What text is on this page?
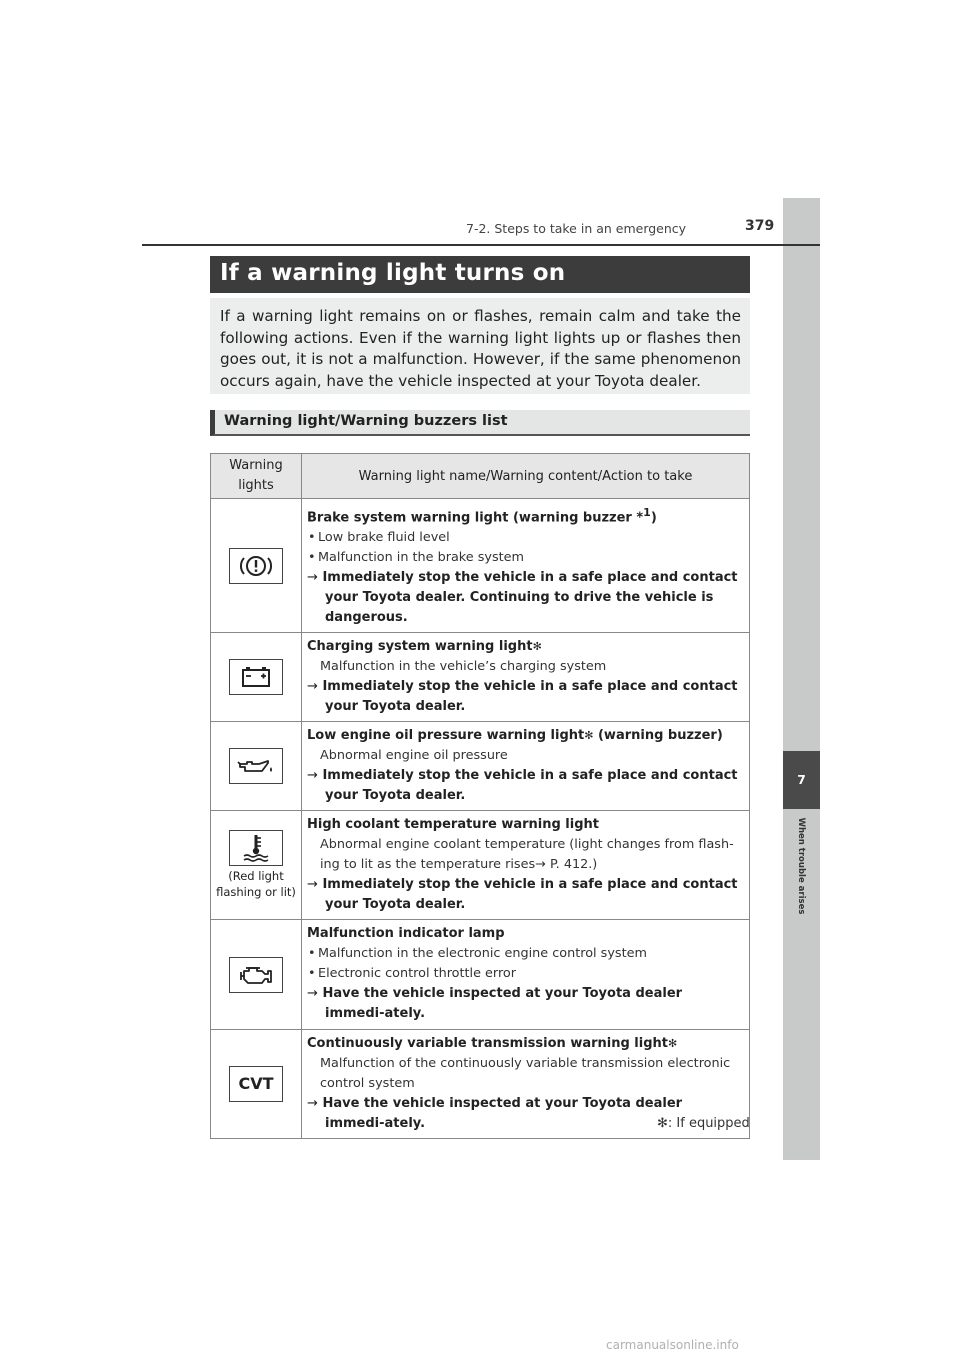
7
When trouble arises
7-2. Steps to take in an emergency	379
If a warning light turns on

If a warning light remains on or flashes, remain calm and take the following actions. Even if the warning light lights up or flashes then goes out, it is not a malfunction. However, if the same phenomenon occurs again, have the vehicle inspected at your Toyota dealer.

Warning light/Warning buzzers list
Warning lights	Warning light name/Warning content/Action to take

Brake system warning light (warning buzzer *$^1$)
• Low brake fluid level
• Malfunction in the brake system
→ Immediately stop the vehicle in a safe place and contact your Toyota dealer. Continuing to drive the vehicle is dangerous.

Charging system warning light✻
Malfunction in the vehicle’s charging system
→ Immediately stop the vehicle in a safe place and contact your Toyota dealer.

Low engine oil pressure warning light✻ (warning buzzer)
Abnormal engine oil pressure
→ Immediately stop the vehicle in a safe place and contact your Toyota dealer.

(Red light flashing or lit)	High coolant temperature warning light
Abnormal engine coolant temperature (light changes from flash-ing to lit as the temperature rises→ P. 412.)
→ Immediately stop the vehicle in a safe place and contact your Toyota dealer.

Malfunction indicator lamp
• Malfunction in the electronic engine control system
• Electronic control throttle error
→ Have the vehicle inspected at your Toyota dealer immedi-ately.

CVT	Continuously variable transmission warning light✻
Malfunction of the continuously variable transmission electronic control system
→ Have the vehicle inspected at your Toyota dealer immedi-ately.	✻: If equipped
carmanualsonline.info
